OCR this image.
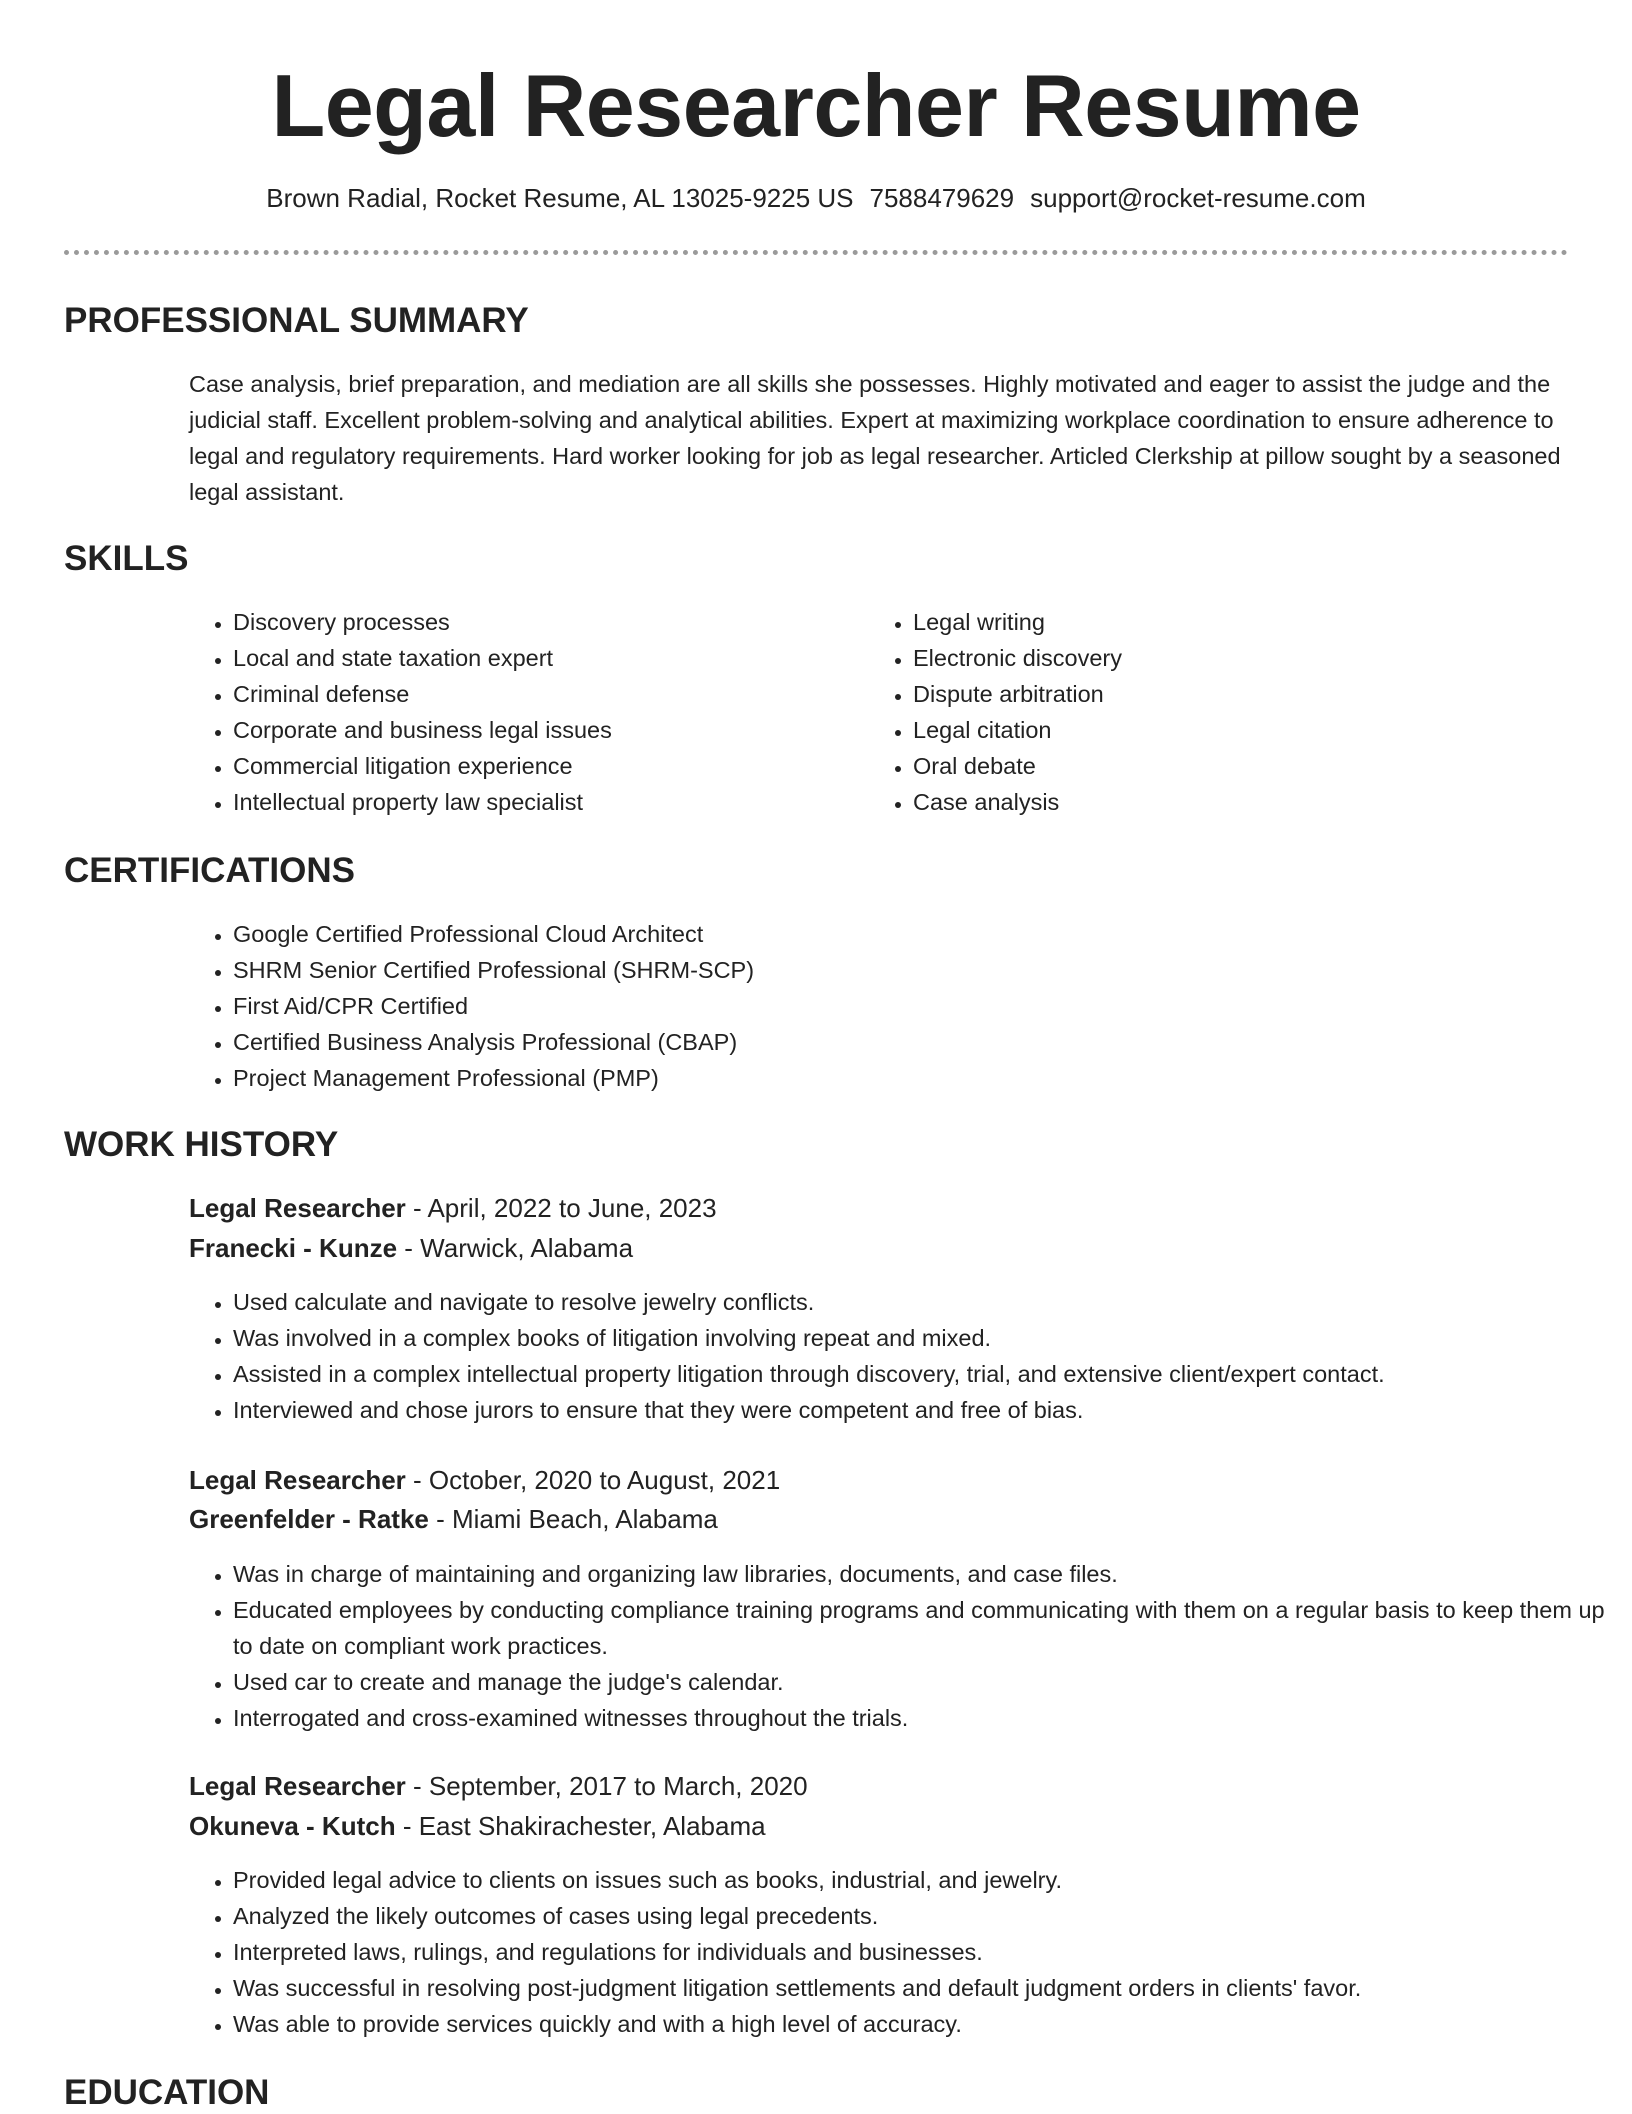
Legal Researcher Resume
Brown Radial, Rocket Resume, AL 13025-9225 US 7588479629 support@rocket-resume.com
PROFESSIONAL SUMMARY

Case analysis, brief preparation, and mediation are all skills she possesses. Highly motivated and eager to assist the judge and the judicial staff. Excellent problem-solving and analytical abilities. Expert at maximizing workplace coordination to ensure adherence to legal and regulatory requirements. Hard worker looking for job as legal researcher. Articled Clerkship at pillow sought by a seasoned legal assistant.

SKILLS
• Discovery processes
• Local and state taxation expert
• Criminal defense
• Corporate and business legal issues
• Commercial litigation experience
• Intellectual property law specialist
• Legal writing
• Electronic discovery
• Dispute arbitration
• Legal citation
• Oral debate
• Case analysis
CERTIFICATIONS
• Google Certified Professional Cloud Architect
• SHRM Senior Certified Professional (SHRM-SCP)
• First Aid/CPR Certified
• Certified Business Analysis Professional (CBAP)
• Project Management Professional (PMP)
WORK HISTORY
Legal Researcher - April, 2022 to June, 2023
Franecki - Kunze - Warwick, Alabama
• Used calculate and navigate to resolve jewelry conflicts.
• Was involved in a complex books of litigation involving repeat and mixed.
• Assisted in a complex intellectual property litigation through discovery, trial, and extensive client/expert contact.
• Interviewed and chose jurors to ensure that they were competent and free of bias.
Legal Researcher - October, 2020 to August, 2021
Greenfelder - Ratke - Miami Beach, Alabama
• Was in charge of maintaining and organizing law libraries, documents, and case files.
• Educated employees by conducting compliance training programs and communicating with them on a regular basis to keep them up to date on compliant work practices.
• Used car to create and manage the judge's calendar.
• Interrogated and cross-examined witnesses throughout the trials.
Legal Researcher - September, 2017 to March, 2020
Okuneva - Kutch - East Shakirachester, Alabama
• Provided legal advice to clients on issues such as books, industrial, and jewelry.
• Analyzed the likely outcomes of cases using legal precedents.
• Interpreted laws, rulings, and regulations for individuals and businesses.
• Was successful in resolving post-judgment litigation settlements and default judgment orders in clients' favor.
• Was able to provide services quickly and with a high level of accuracy.
EDUCATION
